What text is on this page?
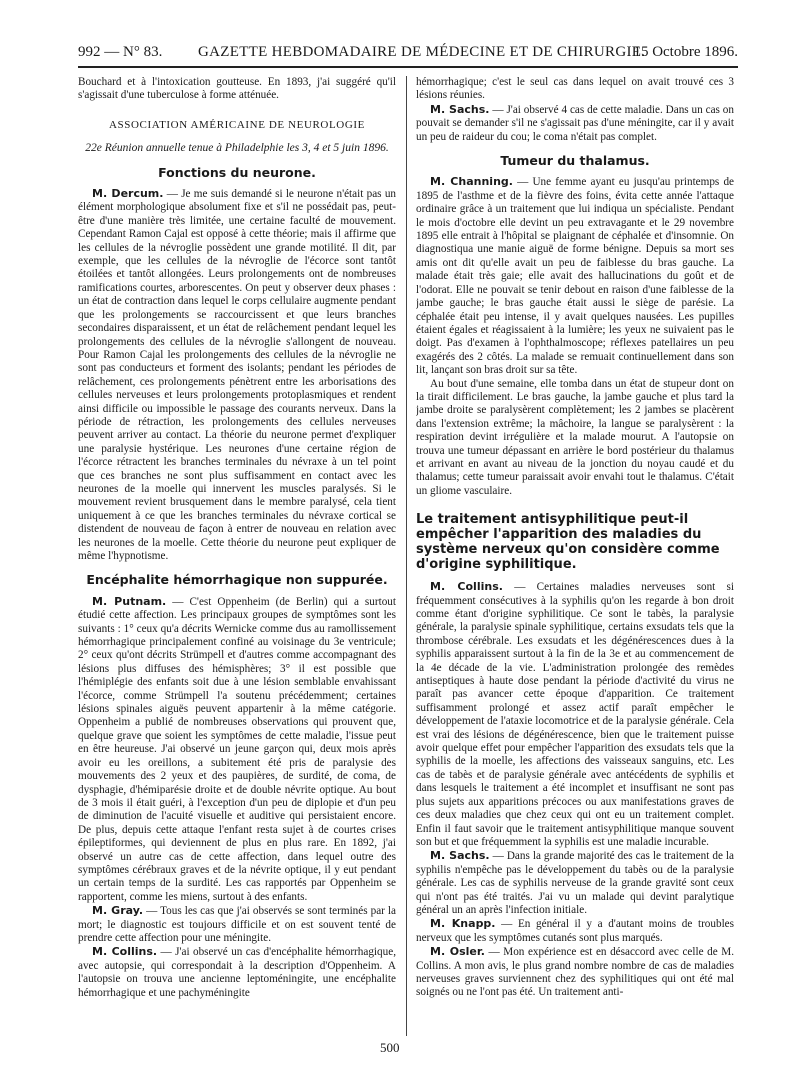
992 — N° 83. GAZETTE HEBDOMADAIRE DE MÉDECINE ET DE CHIRURGIE.
15 Octobre 1896.

Bouchard et à l'intoxication goutteuse. En 1893, j'ai suggéré qu'il s'agissait d'une tuberculose à forme atténuée.

ASSOCIATION AMÉRICAINE DE NEUROLOGIE
22e Réunion annuelle tenue à Philadelphie les 3, 4 et 5 juin 1896.
Fonctions du neurone.

M. Dercum. — Je me suis demandé si le neurone n'était pas un élément morphologique absolument fixe et s'il ne possédait pas, peut-être d'une manière très limitée, une certaine faculté de mouvement. Cependant Ramon Cajal est opposé à cette théorie; mais il affirme que les cellules de la névroglie possèdent une grande motilité. Il dit, par exemple, que les cellules de la névroglie de l'écorce sont tantôt étoilées et tantôt allongées. Leurs prolongements ont de nombreuses ramifications courtes, arborescentes. On peut y observer deux phases : un état de contraction dans lequel le corps cellulaire augmente pendant que les prolongements se raccourcissent et que leurs branches secondaires disparaissent, et un état de relâchement pendant lequel les prolongements des cellules de la névroglie s'allongent de nouveau. Pour Ramon Cajal les prolongements des cellules de la névroglie ne sont pas conducteurs et forment des isolants; pendant les périodes de relâchement, ces prolongements pénètrent entre les arborisations des cellules nerveuses et leurs prolongements protoplasmiques et rendent ainsi difficile ou impossible le passage des courants nerveux. Dans la période de rétraction, les prolongements des cellules nerveuses peuvent arriver au contact. La théorie du neurone permet d'expliquer une paralysie hystérique. Les neurones d'une certaine région de l'écorce rétractent les branches terminales du névraxe à un tel point que ces branches ne sont plus suffisamment en contact avec les neurones de la moelle qui innervent les muscles paralysés. Si le mouvement revient brusquement dans le membre paralysé, cela tient uniquement à ce que les branches terminales du névraxe cortical se distendent de nouveau de façon à entrer de nouveau en relation avec les neurones de la moelle. Cette théorie du neurone peut expliquer de même l'hypnotisme.

Encéphalite hémorrhagique non suppurée.

M. Putnam. — C'est Oppenheim (de Berlin) qui a surtout étudié cette affection. Les principaux groupes de symptômes sont les suivants : 1° ceux qu'a décrits Wernicke comme dus au ramollissement hémorrhagique principalement confiné au voisinage du 3e ventricule; 2° ceux qu'ont décrits Strümpell et d'autres comme accompagnant des lésions plus diffuses des hémisphères; 3° il est possible que l'hémiplégie des enfants soit due à une lésion semblable envahissant l'écorce, comme Strümpell l'a soutenu précédemment; certaines lésions spinales aiguës peuvent appartenir à la même catégorie. Oppenheim a publié de nombreuses observations qui prouvent que, quelque grave que soient les symptômes de cette maladie, l'issue peut en être heureuse. J'ai observé un jeune garçon qui, deux mois après avoir eu les oreillons, a subitement été pris de paralysie des mouvements des 2 yeux et des paupières, de surdité, de coma, de dysphagie, d'hémiparésie droite et de double névrite optique. Au bout de 3 mois il était guéri, à l'exception d'un peu de diplopie et d'un peu de diminution de l'acuité visuelle et auditive qui persistaient encore. De plus, depuis cette attaque l'enfant resta sujet à de courtes crises épileptiformes, qui deviennent de plus en plus rare. En 1892, j'ai observé un autre cas de cette affection, dans lequel outre des symptômes cérébraux graves et de la névrite optique, il y eut pendant un certain temps de la surdité. Les cas rapportés par Oppenheim se rapportent, comme les miens, surtout à des enfants.

M. Gray. — Tous les cas que j'ai observés se sont terminés par la mort; le diagnostic est toujours difficile et on est souvent tenté de prendre cette affection pour une méningite.

M. Collins. — J'ai observé un cas d'encéphalite hémorrhagique, avec autopsie, qui correspondait à la description d'Oppenheim. A l'autopsie on trouva une ancienne leptoméningite, une encéphalite hémorrhagique et une pachyméningite

hémorrhagique; c'est le seul cas dans lequel on avait trouvé ces 3 lésions réunies.

M. Sachs. — J'ai observé 4 cas de cette maladie. Dans un cas on pouvait se demander s'il ne s'agissait pas d'une méningite, car il y avait un peu de raideur du cou; le coma n'était pas complet.

Tumeur du thalamus.

M. Channing. — Une femme ayant eu jusqu'au printemps de 1895 de l'asthme et de la fièvre des foins, évita cette année l'attaque ordinaire grâce à un traitement que lui indiqua un spécialiste. Pendant le mois d'octobre elle devint un peu extravagante et le 29 novembre 1895 elle entrait à l'hôpital se plaignant de céphalée et d'insomnie. On diagnostiqua une manie aiguë de forme bénigne. Depuis sa mort ses amis ont dit qu'elle avait un peu de faiblesse du bras gauche. La malade était très gaie; elle avait des hallucinations du goût et de l'odorat. Elle ne pouvait se tenir debout en raison d'une faiblesse de la jambe gauche; le bras gauche était aussi le siège de parésie. La céphalée était peu intense, il y avait quelques nausées. Les pupilles étaient égales et réagissaient à la lumière; les yeux ne suivaient pas le doigt. Pas d'examen à l'ophthalmoscope; réflexes patellaires un peu exagérés des 2 côtés. La malade se remuait continuellement dans son lit, lançant son bras droit sur sa tête.

Au bout d'une semaine, elle tomba dans un état de stupeur dont on la tirait difficilement. Le bras gauche, la jambe gauche et plus tard la jambe droite se paralysèrent complètement; les 2 jambes se placèrent dans l'extension extrême; la mâchoire, la langue se paralysèrent : la respiration devint irrégulière et la malade mourut. A l'autopsie on trouva une tumeur dépassant en arrière le bord postérieur du thalamus et arrivant en avant au niveau de la jonction du noyau caudé et du thalamus; cette tumeur paraissait avoir envahi tout le thalamus. C'était un gliome vasculaire.

Le traitement antisyphilitique peut-il empêcher l'apparition des maladies du système nerveux qu'on considère comme d'origine syphilitique.

M. Collins. — Certaines maladies nerveuses sont si fréquemment consécutives à la syphilis qu'on les regarde à bon droit comme étant d'origine syphilitique. Ce sont le tabès, la paralysie générale, la paralysie spinale syphilitique, certains exsudats tels que la thrombose cérébrale. Les exsudats et les dégénérescences dues à la syphilis apparaissent surtout à la fin de la 3e et au commencement de la 4e décade de la vie. L'administration prolongée des remèdes antiseptiques à haute dose pendant la période d'activité du virus ne paraît pas avancer cette époque d'apparition. Ce traitement suffisamment prolongé et assez actif paraît empêcher le développement de l'ataxie locomotrice et de la paralysie générale. Cela est vrai des lésions de dégénérescence, bien que le traitement puisse avoir quelque effet pour empêcher l'apparition des exsudats tels que la syphilis de la moelle, les affections des vaisseaux sanguins, etc. Les cas de tabès et de paralysie générale avec antécédents de syphilis et dans lesquels le traitement a été incomplet et insuffisant ne sont pas plus sujets aux apparitions précoces ou aux manifestations graves de ces deux maladies que chez ceux qui ont eu un traitement complet. Enfin il faut savoir que le traitement antisyphilitique manque souvent son but et que fréquemment la syphilis est une maladie incurable.

M. Sachs. — Dans la grande majorité des cas le traitement de la syphilis n'empêche pas le développement du tabès ou de la paralysie générale. Les cas de syphilis nerveuse de la grande gravité sont ceux qui n'ont pas été traités. J'ai vu un malade qui devint paralytique général un an après l'infection initiale.

M. Knapp. — En général il y a d'autant moins de troubles nerveux que les symptômes cutanés sont plus marqués.

M. Osler. — Mon expérience est en désaccord avec celle de M. Collins. A mon avis, le plus grand nombre nombre de cas de maladies nerveuses graves surviennent chez des syphilitiques qui ont été mal soignés ou ne l'ont pas été. Un traitement anti-

500
